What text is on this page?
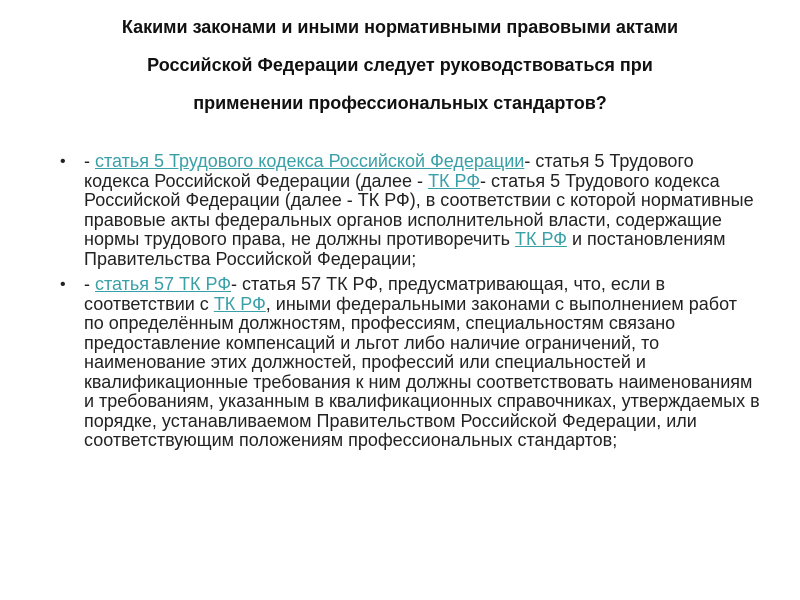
Какими законами и иными нормативными правовыми актами
Российской Федерации следует руководствоваться при
применении профессиональных стандартов?
• - статья 5 Трудового кодекса Российской Федерации- статья 5 Трудового кодекса Российской Федерации (далее - ТК РФ- статья 5 Трудового кодекса Российской Федерации (далее - ТК РФ), в соответствии с которой нормативные правовые акты федеральных органов исполнительной власти, содержащие нормы трудового права, не должны противоречить ТК РФ и постановлениям Правительства Российской Федерации;
• - статья 57 ТК РФ- статья 57 ТК РФ, предусматривающая, что, если в соответствии с ТК РФ, иными федеральными законами с выполнением работ по определённым должностям, профессиям, специальностям связано предоставление компенсаций и льгот либо наличие ограничений, то наименование этих должностей, профессий или специальностей и квалификационные требования к ним должны соответствовать наименованиям и требованиям, указанным в квалификационных справочниках, утверждаемых в порядке, устанавливаемом Правительством Российской Федерации, или соответствующим положениям профессиональных стандартов;
